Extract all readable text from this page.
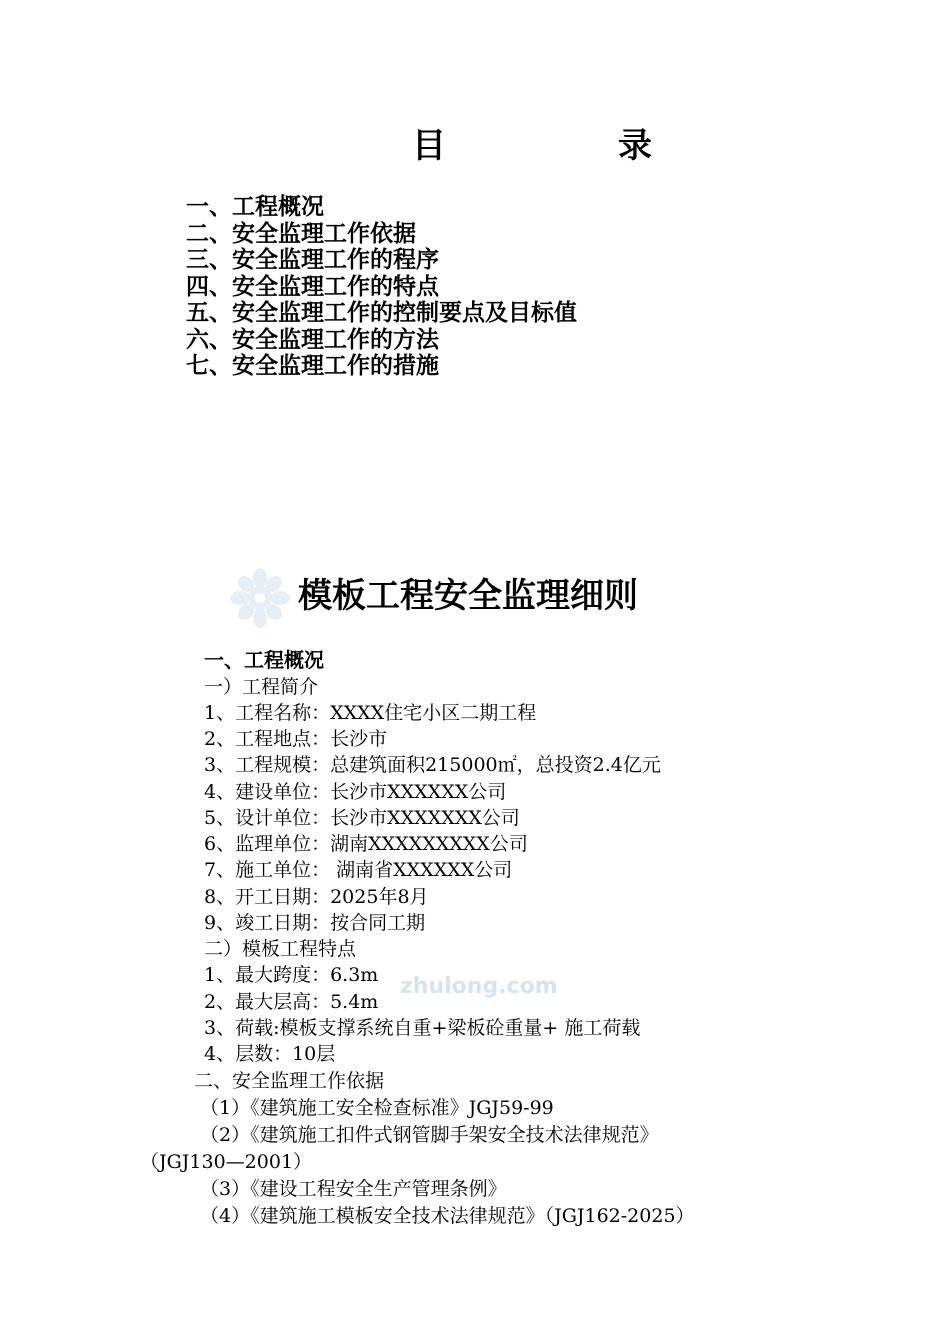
目	录
一、工程概况
二、安全监理工作依据
三、安全监理工作的程序
四、安全监理工作的特点
五、安全监理工作的控制要点及目标值
六、安全监理工作的方法
七、安全监理工作的措施
模板工程安全监理细则
zhulong.com
一、工程概况
一）工程简介
1、工程名称：XXXX住宅小区二期工程
2、工程地点：长沙市
3、工程规模：总建筑面积215000㎡，总投资2.4亿元
4、建设单位：长沙市XXXXXX公司
5、设计单位：长沙市XXXXXXX公司
6、监理单位：湖南XXXXXXXXX公司
7、施工单位： 湖南省XXXXXX公司
8、开工日期：2025年8月
9、竣工日期：按合同工期
二）模板工程特点
1、最大跨度：6.3m
2、最大层高：5.4m
3、荷载:模板支撑系统自重+梁板砼重量+ 施工荷载
4、层数：10层
二、安全监理工作依据
（1）《建筑施工安全检查标准》JGJ59-99
（2）《建筑施工扣件式钢管脚手架安全技术法律规范》
（JGJ130—2001）
（3）《建设工程安全生产管理条例》
（4）《建筑施工模板安全技术法律规范》（JGJ162-2025）
